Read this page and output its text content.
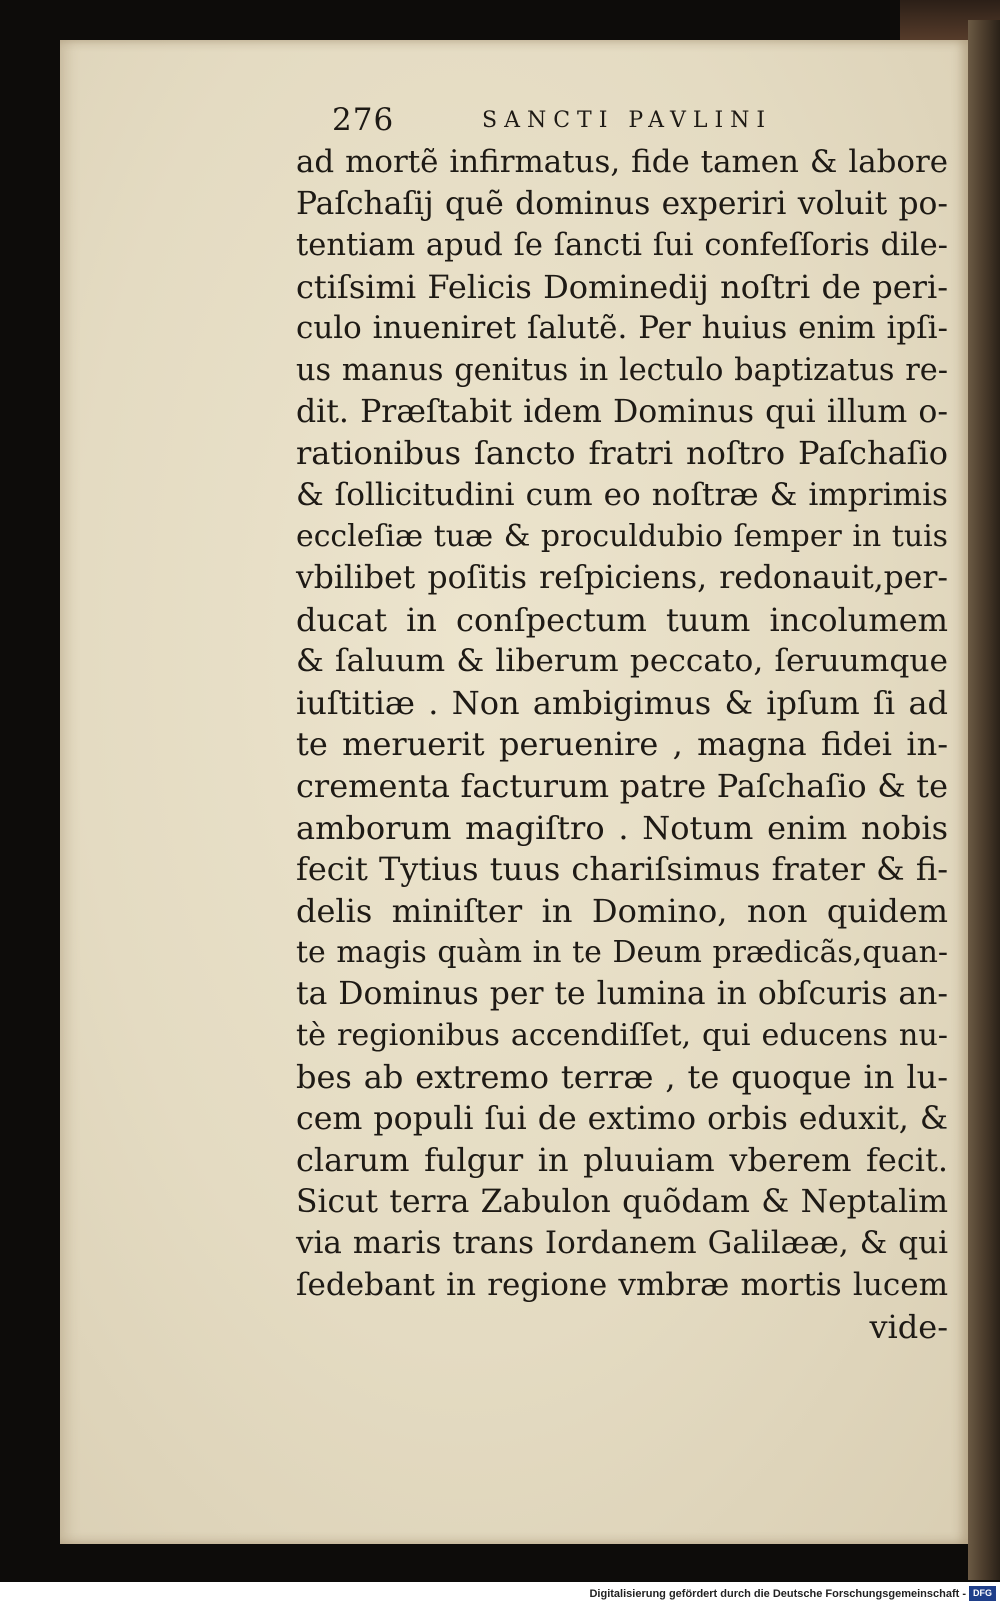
276	SANCTI PAVLINI
ad mortẽ infirmatus, fide tamen & labore
Paſchaſij quẽ dominus experiri voluit po-
tentiam apud ſe ſancti ſui confeſſoris dile-
ctiſsimi Felicis Dominedij noſtri de peri-
culo inueniret ſalutẽ. Per huius enim ipſi-
us manus genitus in lectulo baptizatus re-
dit. Præſtabit idem Dominus qui illum o-
rationibus ſancto fratri noſtro Paſchaſio
& ſollicitudini cum eo noſtræ & imprimis
eccleſiæ tuæ & proculdubio ſemper in tuis
vbilibet poſitis reſpiciens, redonauit,per-
ducat in conſpectum tuum incolumem
& ſaluum & liberum peccato, ſeruumque
iuſtitiæ . Non ambigimus & ipſum ſi ad
te meruerit peruenire , magna fidei in-
crementa facturum patre Paſchaſio & te
amborum magiſtro . Notum enim nobis
fecit Tytius tuus chariſsimus frater & fi-
delis miniſter in Domino, non quidem
te magis quàm in te Deum prædicãs,quan-
ta Dominus per te lumina in obſcuris an-
tè regionibus accendiſſet, qui educens nu-
bes ab extremo terræ , te quoque in lu-
cem populi ſui de extimo orbis eduxit, &
clarum fulgur in pluuiam vberem fecit.
Sicut terra Zabulon quõdam & Neptalim
via maris trans Iordanem Galilææ, & qui
ſedebant in regione vmbræ mortis lucem
vide-
Digitalisierung gefördert durch die Deutsche Forschungsgemeinschaft - DFG
